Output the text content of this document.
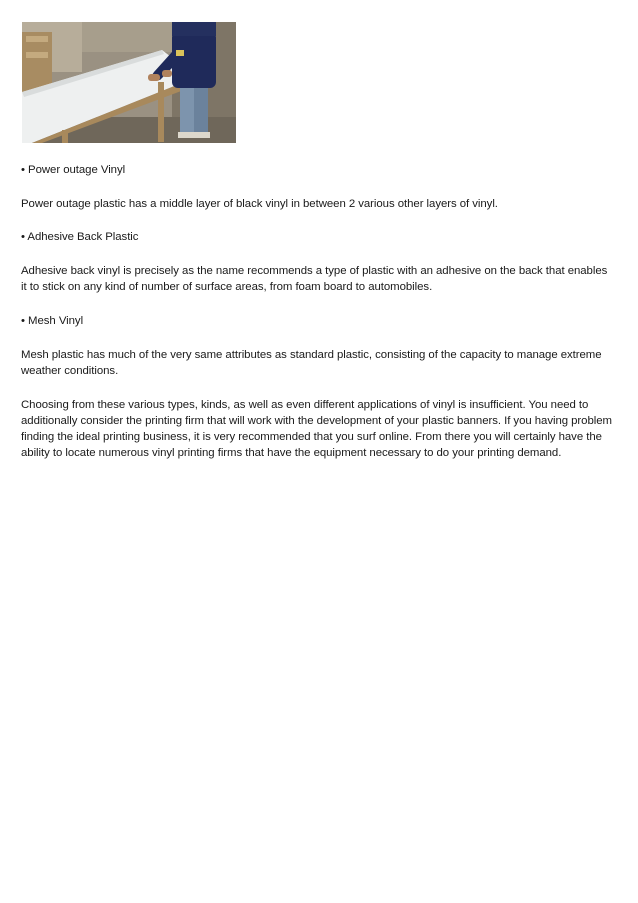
• Power outage Vinyl

Power outage plastic has a middle layer of black vinyl in between 2 various other layers of vinyl.

• Adhesive Back Plastic

Adhesive back vinyl is precisely as the name recommends a type of plastic with an adhesive on the back that enables it to stick on any kind of number of surface areas, from foam board to automobiles.

• Mesh Vinyl

Mesh plastic has much of the very same attributes as standard plastic, consisting of the capacity to manage extreme weather conditions.

Choosing from these various types, kinds, as well as even different applications of vinyl is insufficient. You need to additionally consider the printing firm that will work with the development of your plastic banners. If you having problem finding the ideal printing business, it is very recommended that you surf online. From there you will certainly have the ability to locate numerous vinyl printing firms that have the equipment necessary to do your printing demand.
